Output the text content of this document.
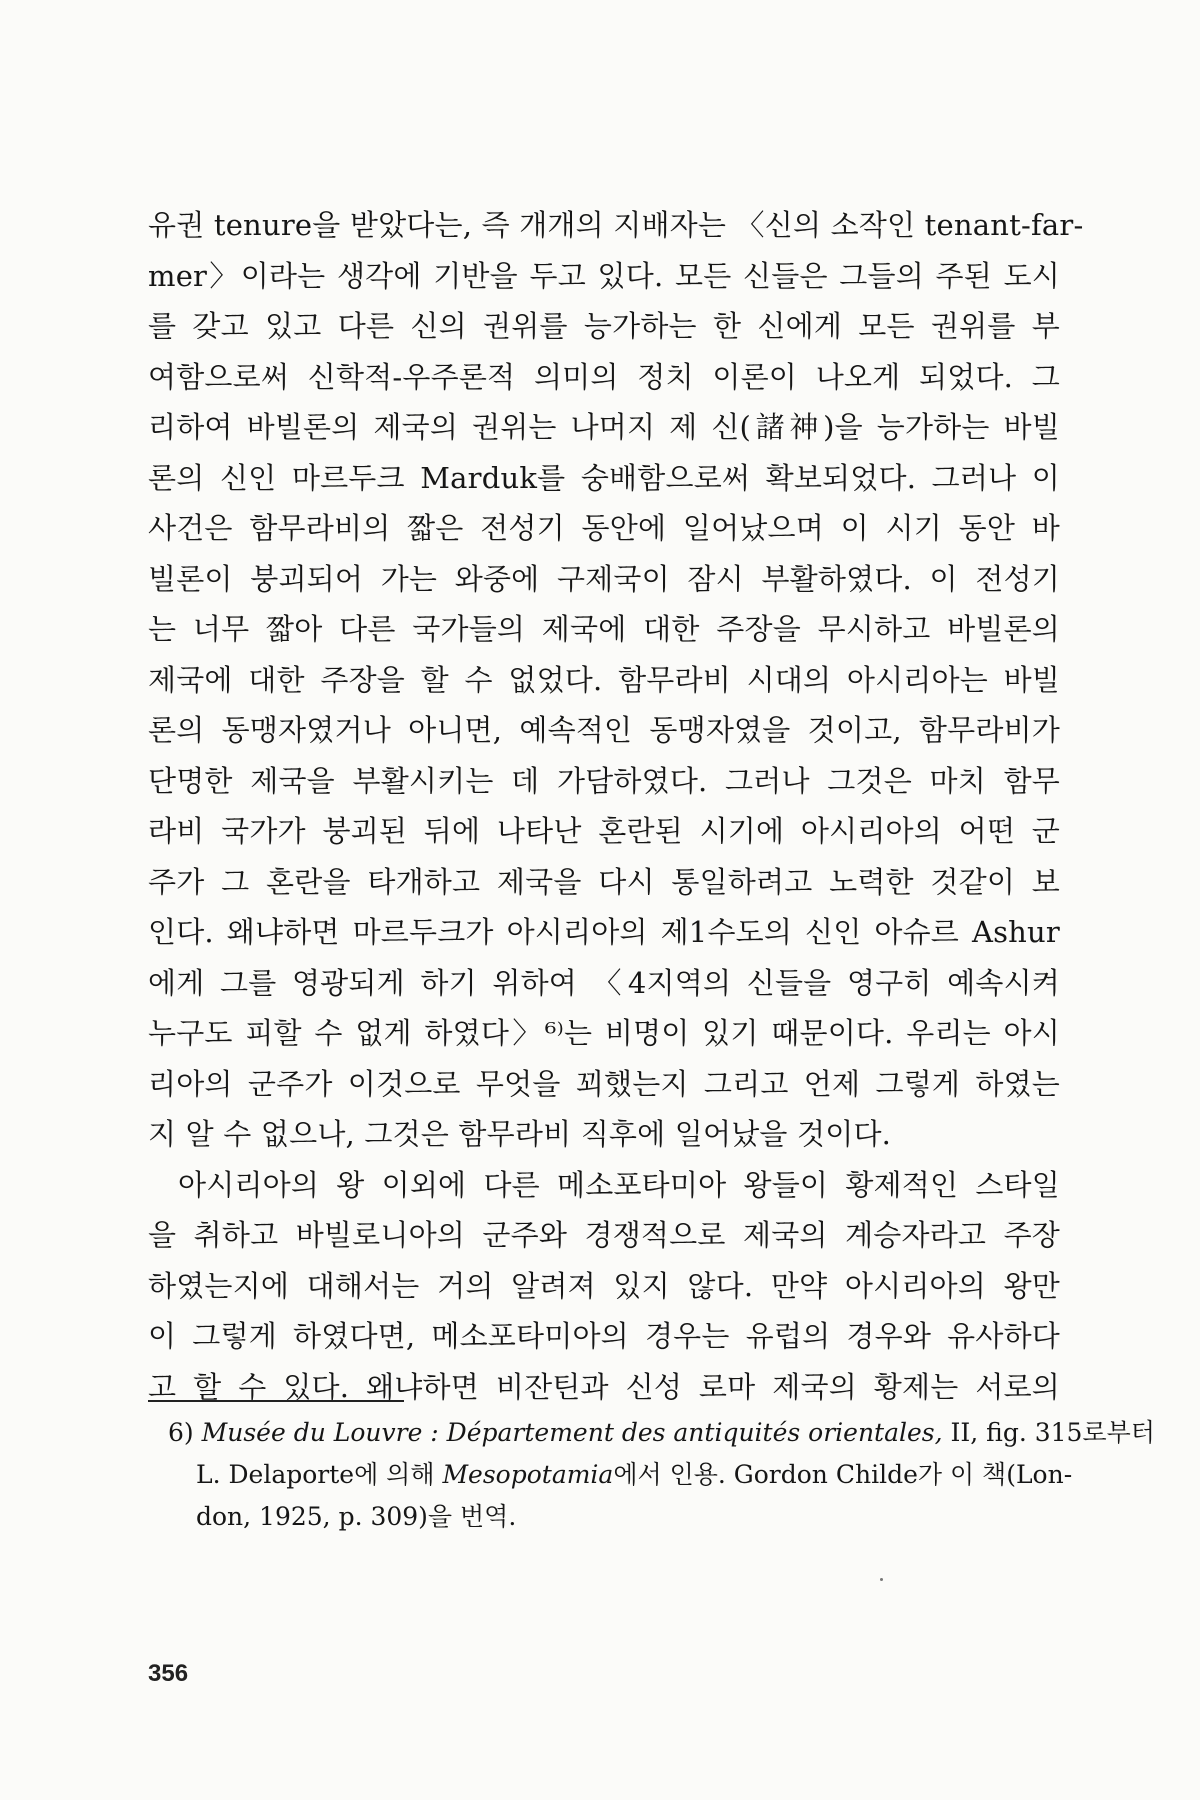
유권 tenure을 받았다는, 즉 개개의 지배자는 〈신의 소작인 tenant-far-
mer〉이라는 생각에 기반을 두고 있다. 모든 신들은 그들의 주된 도시
를 갖고 있고 다른 신의 권위를 능가하는 한 신에게 모든 권위를 부
여함으로써 신학적-우주론적 의미의 정치 이론이 나오게 되었다. 그
리하여 바빌론의 제국의 권위는 나머지 제 신(諸神)을 능가하는 바빌
론의 신인 마르두크 Marduk를 숭배함으로써 확보되었다. 그러나 이
사건은 함무라비의 짧은 전성기 동안에 일어났으며 이 시기 동안 바
빌론이 붕괴되어 가는 와중에 구제국이 잠시 부활하였다. 이 전성기
는 너무 짧아 다른 국가들의 제국에 대한 주장을 무시하고 바빌론의
제국에 대한 주장을 할 수 없었다. 함무라비 시대의 아시리아는 바빌
론의 동맹자였거나 아니면, 예속적인 동맹자였을 것이고, 함무라비가
단명한 제국을 부활시키는 데 가담하였다. 그러나 그것은 마치 함무
라비 국가가 붕괴된 뒤에 나타난 혼란된 시기에 아시리아의 어떤 군
주가 그 혼란을 타개하고 제국을 다시 통일하려고 노력한 것같이 보
인다. 왜냐하면 마르두크가 아시리아의 제1수도의 신인 아슈르 Ashur
에게 그를 영광되게 하기 위하여 〈4지역의 신들을 영구히 예속시켜
누구도 피할 수 없게 하였다〉⁶⁾는 비명이 있기 때문이다. 우리는 아시
리아의 군주가 이것으로 무엇을 꾀했는지 그리고 언제 그렇게 하였는
지 알 수 없으나, 그것은 함무라비 직후에 일어났을 것이다.
아시리아의 왕 이외에 다른 메소포타미아 왕들이 황제적인 스타일
을 취하고 바빌로니아의 군주와 경쟁적으로 제국의 계승자라고 주장
하였는지에 대해서는 거의 알려져 있지 않다. 만약 아시리아의 왕만
이 그렇게 하였다면, 메소포타미아의 경우는 유럽의 경우와 유사하다
고 할 수 있다. 왜냐하면 비잔틴과 신성 로마 제국의 황제는 서로의
6) Musée du Louvre : Département des antiquités orientales, II, fig. 315로부터
L. Delaporte에 의해 Mesopotamia에서 인용. Gordon Childe가 이 책(Lon-
don, 1925, p. 309)을 번역.
356
